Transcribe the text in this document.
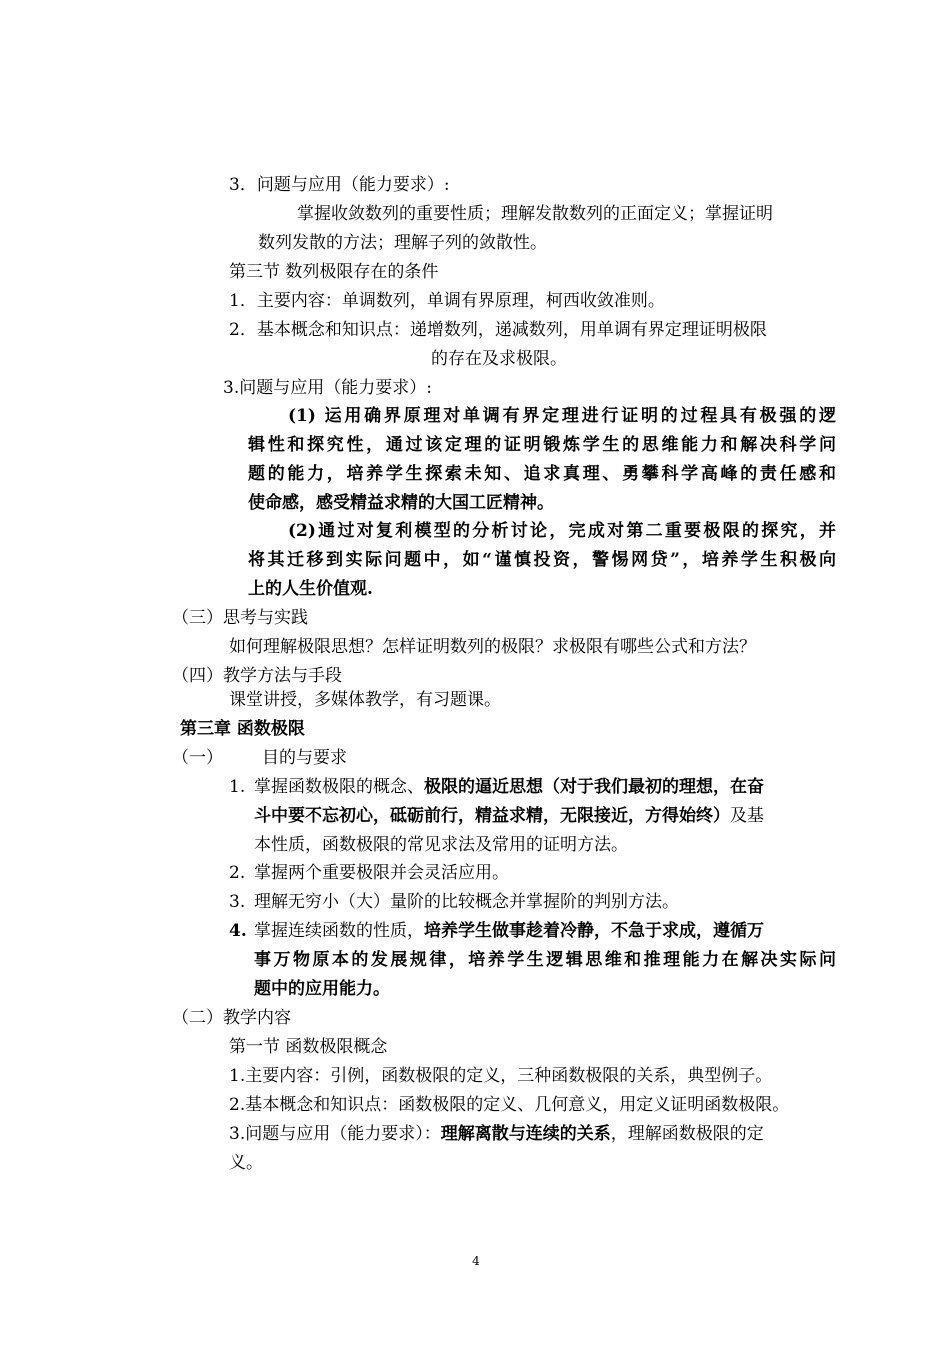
3．问题与应用（能力要求）:
掌握收敛数列的重要性质；理解发散数列的正面定义；掌握证明
数列发散的方法；理解子列的敛散性。
第三节 数列极限存在的条件
1．主要内容：单调数列，单调有界原理，柯西收敛准则。
2．基本概念和知识点：递增数列，递减数列，用单调有界定理证明极限
的存在及求极限。
3.问题与应用（能力要求）:
(1) 运用确界原理对单调有界定理进行证明的过程具有极强的逻
辑性和探究性，通过该定理的证明锻炼学生的思维能力和解决科学问
题的能力，培养学生探索未知、追求真理、勇攀科学高峰的责任感和
使命感，感受精益求精的大国工匠精神。
(2)通过对复利模型的分析讨论，完成对第二重要极限的探究，并
将其迁移到实际问题中，如“谨慎投资，警惕网贷”，培养学生积极向
上的人生价值观.
（三）思考与实践
如何理解极限思想？怎样证明数列的极限？求极限有哪些公式和方法？
（四）教学方法与手段
课堂讲授，多媒体教学，有习题课。
第三章 函数极限
（一） 目的与要求
1. 掌握函数极限的概念、极限的逼近思想（对于我们最初的理想，在奋
斗中要不忘初心，砥砺前行，精益求精，无限接近，方得始终）及基
本性质，函数极限的常见求法及常用的证明方法。
2. 掌握两个重要极限并会灵活应用。
3. 理解无穷小（大）量阶的比较概念并掌握阶的判别方法。
4. 掌握连续函数的性质，培养学生做事趁着冷静，不急于求成，遵循万
事万物原本的发展规律，培养学生逻辑思维和推理能力在解决实际问
题中的应用能力。
（二）教学内容
第一节 函数极限概念
1.主要内容：引例，函数极限的定义，三种函数极限的关系，典型例子。
2.基本概念和知识点：函数极限的定义、几何意义，用定义证明函数极限。
3.问题与应用（能力要求）：理解离散与连续的关系，理解函数极限的定
义。
4
